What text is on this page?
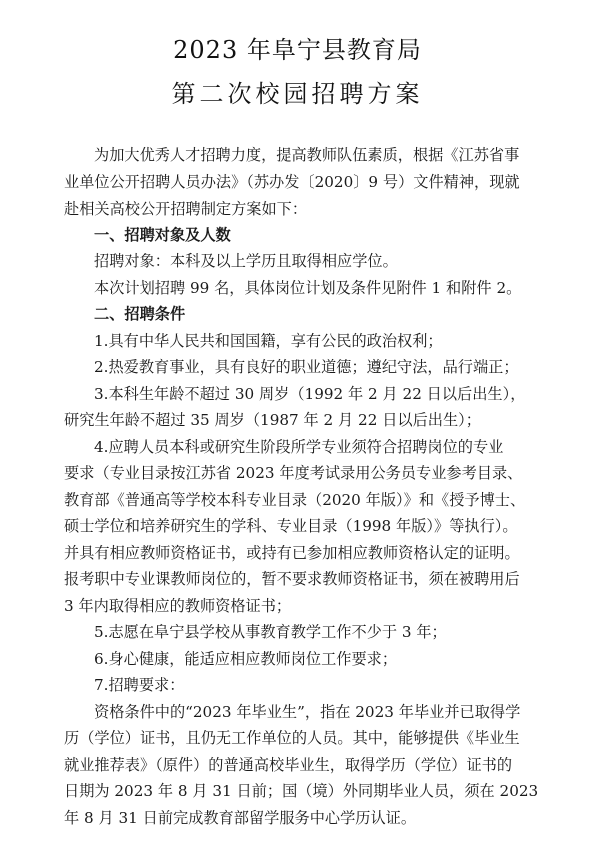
2023 年阜宁县教育局
第二次校园招聘方案
为加大优秀人才招聘力度，提高教师队伍素质，根据《江苏省事
业单位公开招聘人员办法》（苏办发〔2020〕9 号）文件精神，现就
赴相关高校公开招聘制定方案如下：
一、招聘对象及人数
招聘对象：本科及以上学历且取得相应学位。
本次计划招聘 99 名，具体岗位计划及条件见附件 1 和附件 2。
二、招聘条件
1.具有中华人民共和国国籍，享有公民的政治权利；
2.热爱教育事业，具有良好的职业道德；遵纪守法，品行端正；
3.本科生年龄不超过 30 周岁（1992 年 2 月 22 日以后出生），
研究生年龄不超过 35 周岁（1987 年 2 月 22 日以后出生）；
4.应聘人员本科或研究生阶段所学专业须符合招聘岗位的专业
要求（专业目录按江苏省 2023 年度考试录用公务员专业参考目录、
教育部《普通高等学校本科专业目录（2020 年版）》和《授予博士、
硕士学位和培养研究生的学科、专业目录（1998 年版）》等执行）。
并具有相应教师资格证书，或持有已参加相应教师资格认定的证明。
报考职中专业课教师岗位的，暂不要求教师资格证书，须在被聘用后
3 年内取得相应的教师资格证书；
5.志愿在阜宁县学校从事教育教学工作不少于 3 年；
6.身心健康，能适应相应教师岗位工作要求；
7.招聘要求：
资格条件中的“2023 年毕业生”，指在 2023 年毕业并已取得学
历（学位）证书，且仍无工作单位的人员。其中，能够提供《毕业生
就业推荐表》（原件）的普通高校毕业生，取得学历（学位）证书的
日期为 2023 年 8 月 31 日前；国（境）外同期毕业人员，须在 2023
年 8 月 31 日前完成教育部留学服务中心学历认证。
